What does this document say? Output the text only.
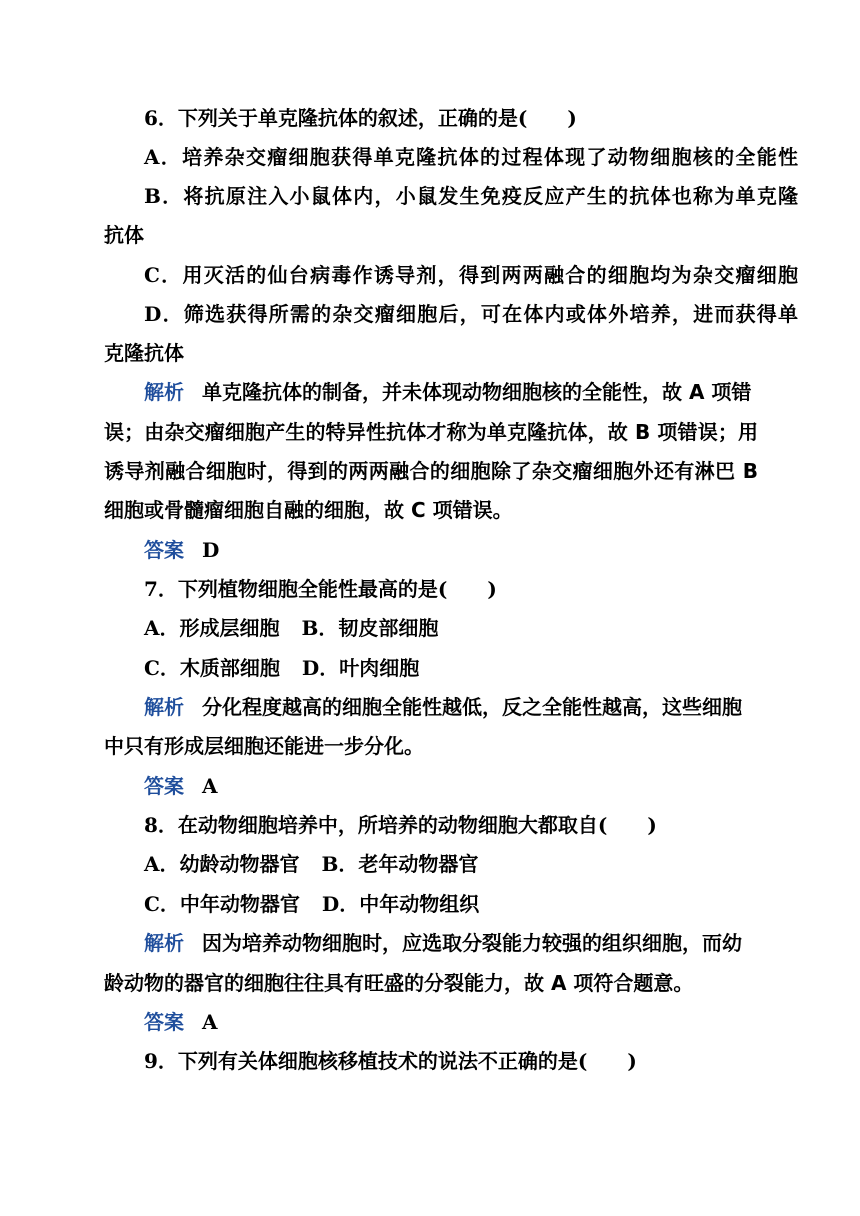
6．下列关于单克隆抗体的叙述，正确的是(　　)
A．培养杂交瘤细胞获得单克隆抗体的过程体现了动物细胞核的全能性
B．将抗原注入小鼠体内，小鼠发生免疫反应产生的抗体也称为单克隆
抗体
C．用灭活的仙台病毒作诱导剂，得到两两融合的细胞均为杂交瘤细胞
D．筛选获得所需的杂交瘤细胞后，可在体内或体外培养，进而获得单
克隆抗体
解析 单克隆抗体的制备，并未体现动物细胞核的全能性，故 A 项错
误；由杂交瘤细胞产生的特异性抗体才称为单克隆抗体，故 B 项错误；用
诱导剂融合细胞时，得到的两两融合的细胞除了杂交瘤细胞外还有淋巴 B
细胞或骨髓瘤细胞自融的细胞，故 C 项错误。
答案 D
7．下列植物细胞全能性最高的是(　　)
A．形成层细胞 B．韧皮部细胞
C．木质部细胞 D．叶肉细胞
解析 分化程度越高的细胞全能性越低，反之全能性越高，这些细胞
中只有形成层细胞还能进一步分化。
答案 A
8．在动物细胞培养中，所培养的动物细胞大都取自(　　)
A．幼龄动物器官 B．老年动物器官
C．中年动物器官 D．中年动物组织
解析 因为培养动物细胞时，应选取分裂能力较强的组织细胞，而幼
龄动物的器官的细胞往往具有旺盛的分裂能力，故 A 项符合题意。
答案 A
9．下列有关体细胞核移植技术的说法不正确的是(　　)
